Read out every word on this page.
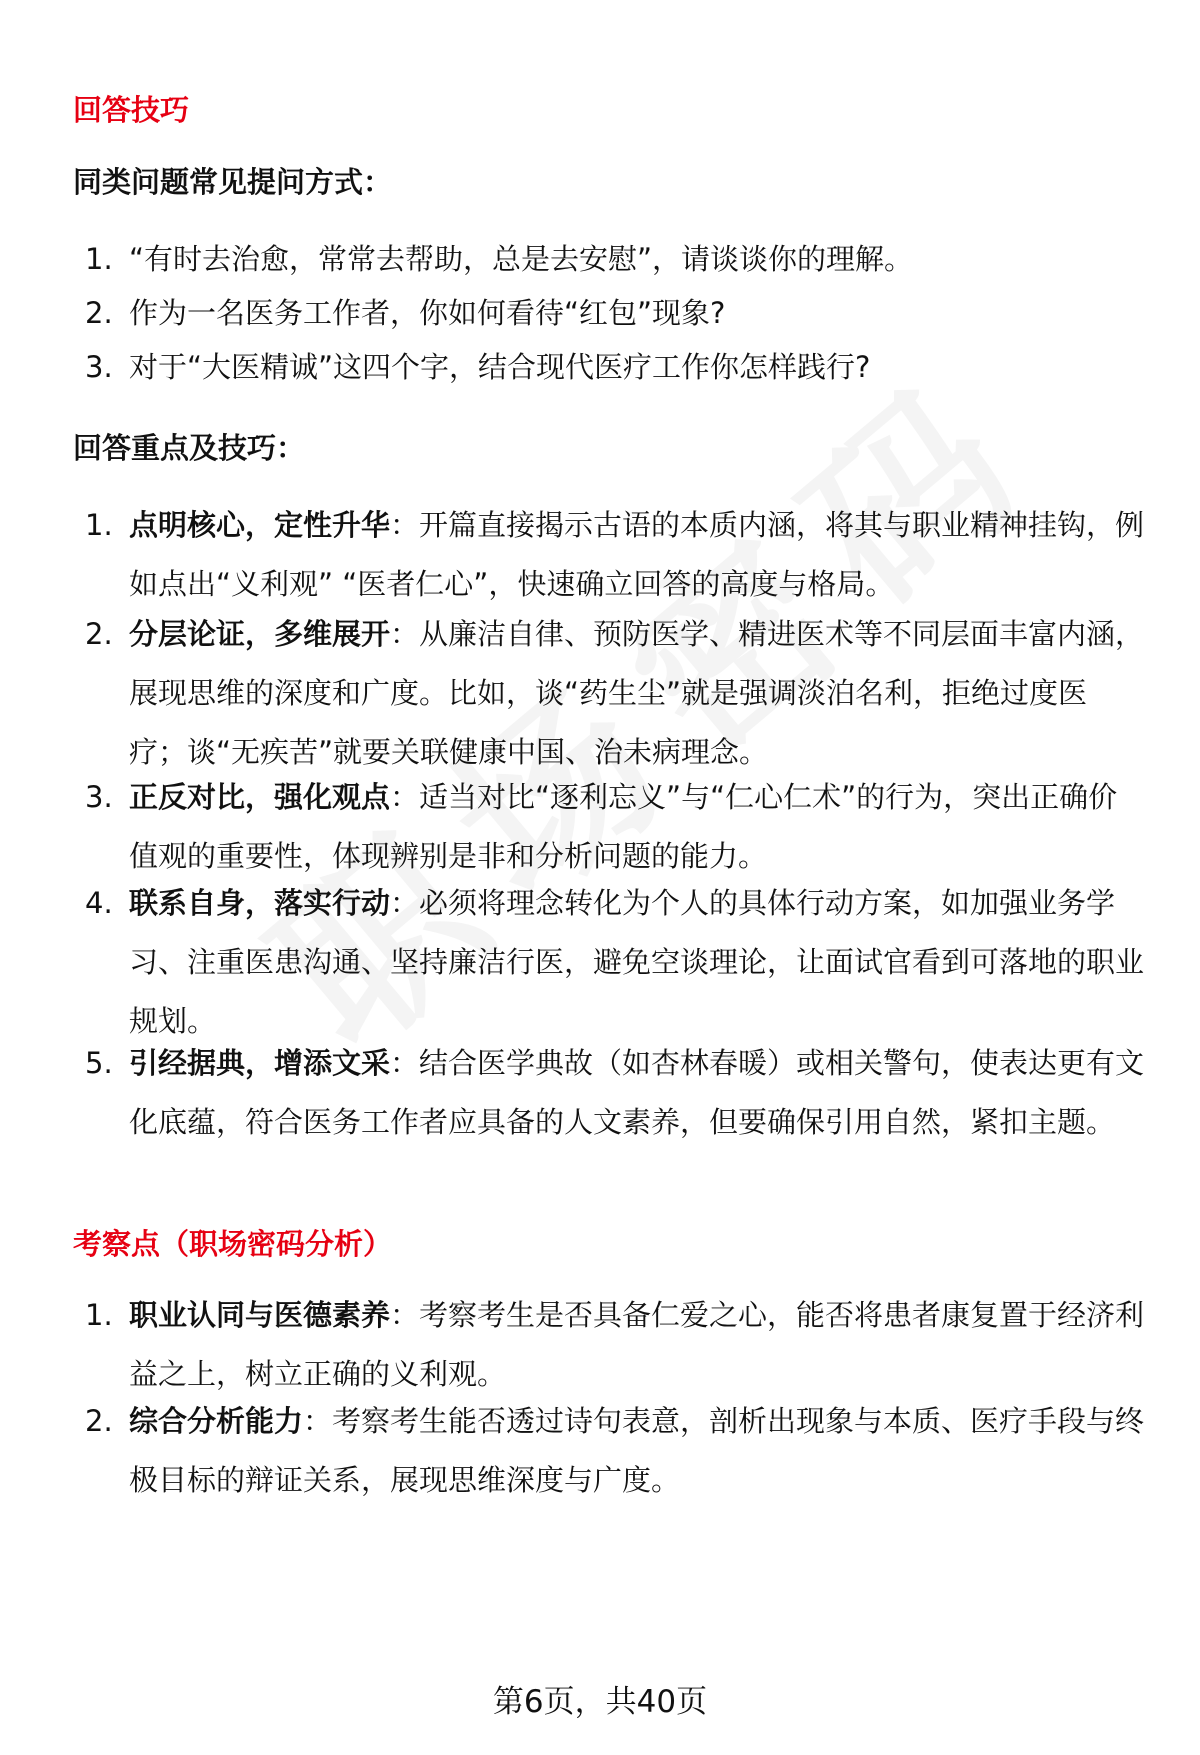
回答技巧
同类问题常见提问方式：

1. “有时去治愈，常常去帮助，总是去安慰”，请谈谈你的理解。

2. 作为一名医务工作者，你如何看待“红包”现象?

3. 对于“大医精诚”这四个字，结合现代医疗工作你怎样践行?

回答重点及技巧：

1. 点明核心，定性升华：开篇直接揭示古语的本质内涵，将其与职业精神挂钩，例如点出“义利观” “医者仁心”，快速确立回答的高度与格局。

2. 分层论证，多维展开：从廉洁自律、预防医学、精进医术等不同层面丰富内涵，展现思维的深度和广度。比如，谈“药生尘”就是强调淡泊名利，拒绝过度医疗；谈“无疾苦”就要关联健康中国、治未病理念。

3. 正反对比，强化观点：适当对比“逐利忘义”与“仁心仁术”的行为，突出正确价值观的重要性，体现辨别是非和分析问题的能力。

4. 联系自身，落实行动：必须将理念转化为个人的具体行动方案，如加强业务学习、注重医患沟通、坚持廉洁行医，避免空谈理论，让面试官看到可落地的职业规划。

5. 引经据典，增添文采：结合医学典故（如杏林春暖）或相关警句，使表达更有文化底蕴，符合医务工作者应具备的人文素养，但要确保引用自然，紧扣主题。

考察点（职场密码分析）

1. 职业认同与医德素养：考察考生是否具备仁爱之心，能否将患者康复置于经济利益之上，树立正确的义利观。

2. 综合分析能力：考察考生能否透过诗句表意，剖析出现象与本质、医疗手段与终极目标的辩证关系，展现思维深度与广度。

第6页，共40页
